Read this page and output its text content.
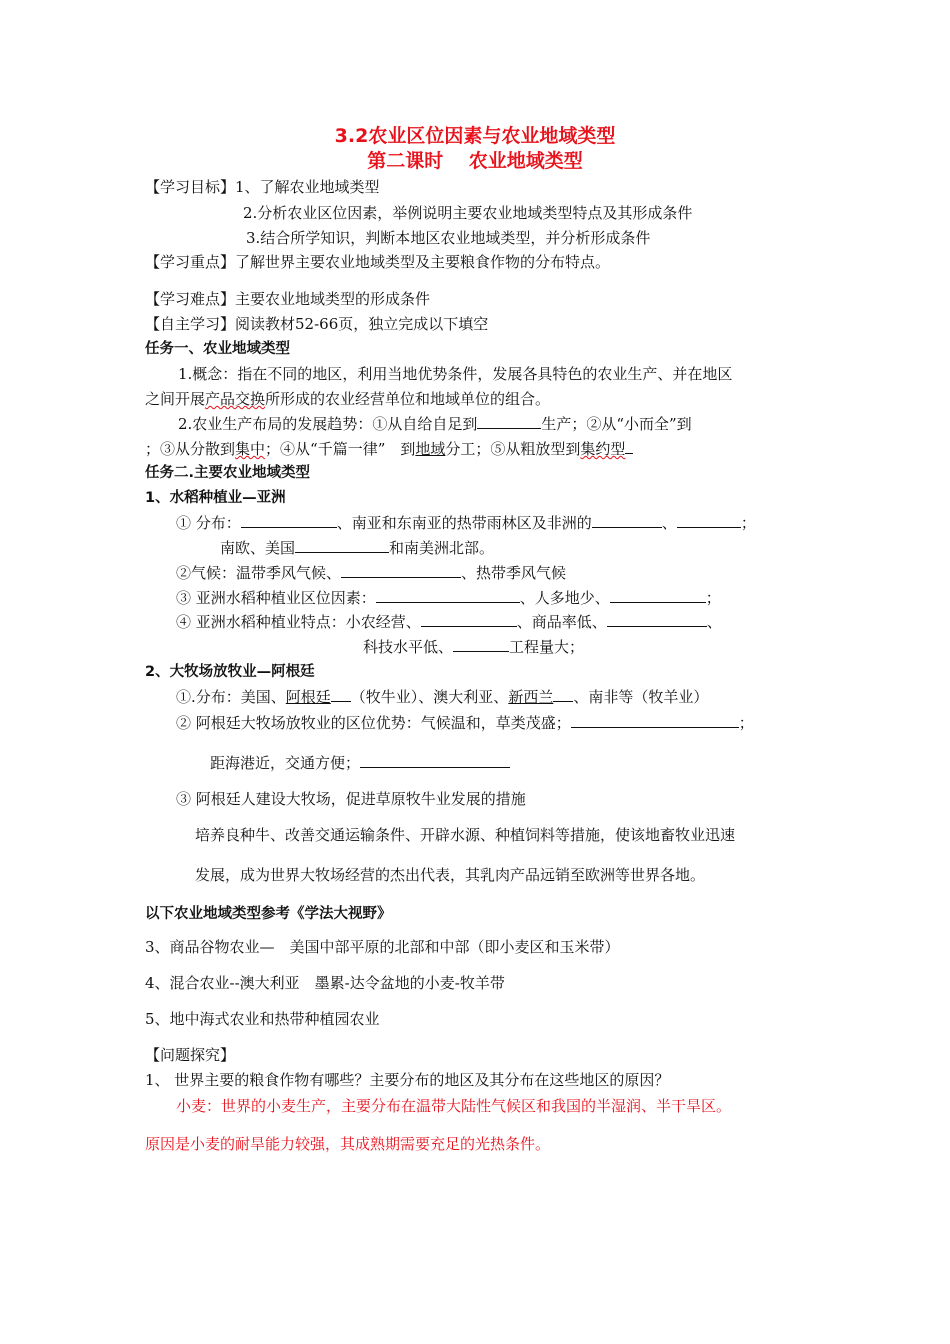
3.2农业区位因素与农业地域类型
第二课时　 农业地域类型
【学习目标】1、了解农业地域类型
2.分析农业区位因素，举例说明主要农业地域类型特点及其形成条件
3.结合所学知识，判断本地区农业地域类型，并分析形成条件
【学习重点】了解世界主要农业地域类型及主要粮食作物的分布特点。
【学习难点】主要农业地域类型的形成条件
【自主学习】阅读教材52-66页，独立完成以下填空
任务一、农业地域类型
1.概念：指在不同的地区，利用当地优势条件，发展各具特色的农业生产、并在地区
之间开展产品交换所形成的农业经营单位和地域单位的组合。
2.农业生产布局的发展趋势：①从自给自足到	生产；②从“小而全”到
；③从分散到集中；④从“千篇一律”　到地域分工；⑤从粗放型到集约型
任务二.主要农业地域类型
1、水稻种植业—亚洲
① 分布：	、南亚和东南亚的热带雨林区及非洲的	、	；
南欧、美国	和南美洲北部。
②气候：温带季风气候、	、热带季风气候
③ 亚洲水稻种植业区位因素：	、人多地少、	；
④ 亚洲水稻种植业特点：小农经营、	、商品率低、	、
科技水平低、	工程量大；
2、大牧场放牧业—阿根廷
①.分布：美国、阿根廷 （牧牛业）、澳大利亚、新西兰 、南非等（牧羊业）
② 阿根廷大牧场放牧业的区位优势：气候温和，草类茂盛；	；
距海港近，交通方便；
③ 阿根廷人建设大牧场，促进草原牧牛业发展的措施
培养良种牛、改善交通运输条件、开辟水源、种植饲料等措施，使该地畜牧业迅速
发展，成为世界大牧场经营的杰出代表，其乳肉产品远销至欧洲等世界各地。
以下农业地域类型参考《学法大视野》
3、商品谷物农业—　美国中部平原的北部和中部（即小麦区和玉米带）
4、混合农业--澳大利亚　墨累-达令盆地的小麦-牧羊带
5、地中海式农业和热带种植园农业
【问题探究】
1、 世界主要的粮食作物有哪些？主要分布的地区及其分布在这些地区的原因？
小麦：世界的小麦生产，主要分布在温带大陆性气候区和我国的半湿润、半干旱区。
原因是小麦的耐旱能力较强，其成熟期需要充足的光热条件。
